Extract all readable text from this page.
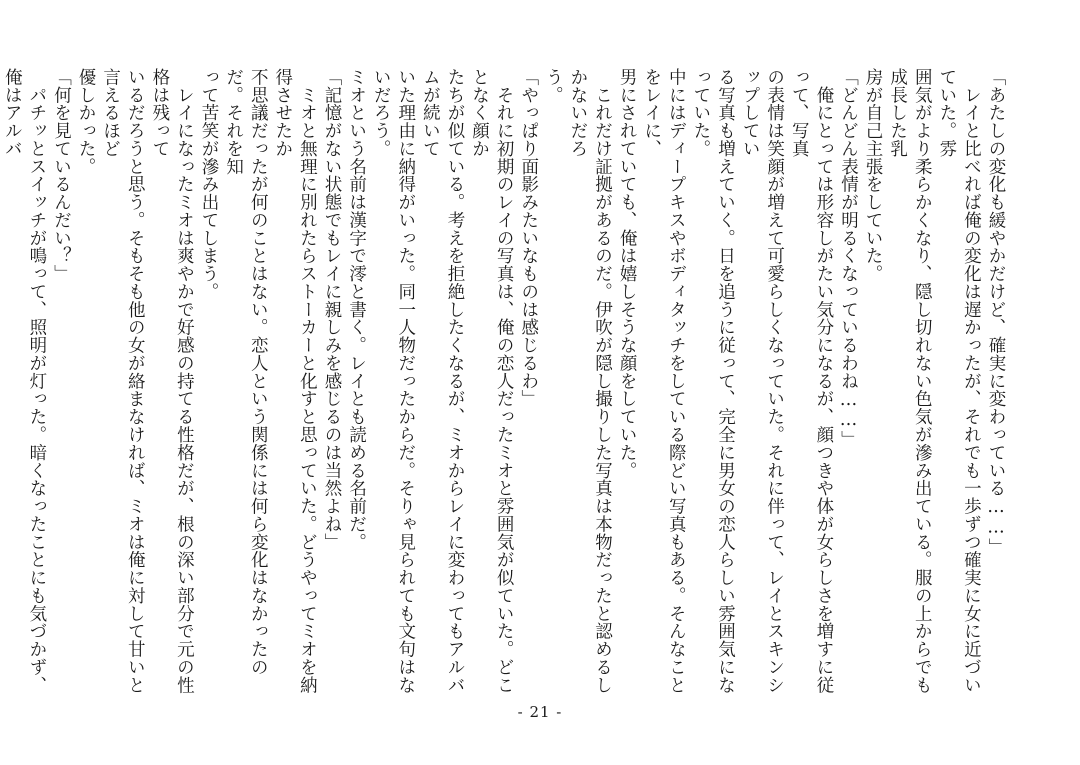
「あたしの変化も緩やかだけど、確実に変わっている……」

　レイと比べれば俺の変化は遅かったが、それでも一歩ずつ確実に女に近づいていた。雰

囲気がより柔らかくなり、隠し切れない色気が滲み出ている。服の上からでも成長した乳

房が自己主張をしていた。

「どんどん表情が明るくなっているわね……」

　俺にとっては形容しがたい気分になるが、顔つきや体が女らしさを増すに従って、写真

の表情は笑顔が増えて可愛らしくなっていた。それに伴って、レイとスキンシップしてい

る写真も増えていく。日を追うに従って、完全に男女の恋人らしい雰囲気になっていた。

中にはディープキスやボディタッチをしている際どい写真もある。そんなことをレイに、

男にされていても、俺は嬉しそうな顔をしていた。

　これだけ証拠があるのだ。伊吹が隠し撮りした写真は本物だったと認めるしかないだろ

う。

「やっぱり面影みたいなものは感じるわ」

　それに初期のレイの写真は、俺の恋人だったミオと雰囲気が似ていた。どことなく顔か

たちが似ている。考えを拒絶したくなるが、ミオからレイに変わってもアルバムが続いて

いた理由に納得がいった。同一人物だったからだ。そりゃ見られても文句はないだろう。

ミオという名前は漢字で澪と書く。レイとも読める名前だ。

「記憶がない状態でもレイに親しみを感じるのは当然よね」

　ミオと無理に別れたらストーカーと化すと思っていた。どうやってミオを納得させたか

不思議だったが何のことはない。恋人という関係には何ら変化はなかったのだ。それを知

って苦笑が滲み出てしまう。

　レイになったミオは爽やかで好感の持てる性格だが、根の深い部分で元の性格は残って

いるだろうと思う。そもそも他の女が絡まなければ、ミオは俺に対して甘いと言えるほど

優しかった。

「何を見ているんだい？」

　パチッとスイッチが鳴って、照明が灯った。暗くなったことにも気づかず、俺はアルバ

- 21 -
